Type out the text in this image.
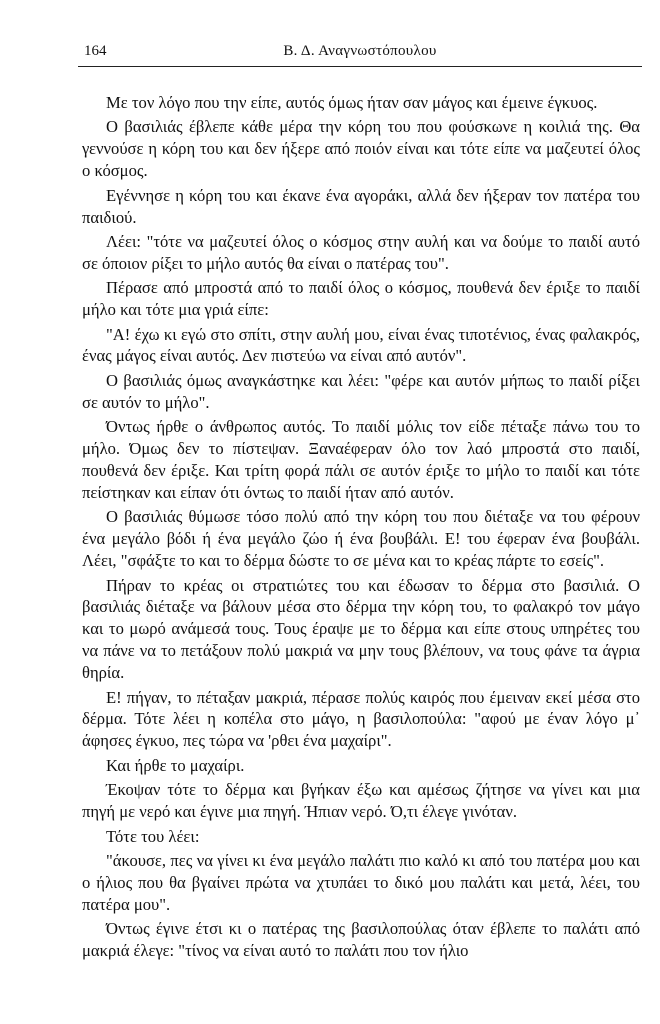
164	Β. Δ. Αναγνωστόπουλου

Με τον λόγο που την είπε, αυτός όμως ήταν σαν μάγος και έμεινε έγκυος.

Ο βασιλιάς έβλεπε κάθε μέρα την κόρη του που φούσκωνε η κοιλιά της. Θα γεννούσε η κόρη του και δεν ήξερε από ποιόν είναι και τότε είπε να μαζευτεί όλος ο κόσμος.

Εγέννησε η κόρη του και έκανε ένα αγοράκι, αλλά δεν ήξεραν τον πατέρα του παιδιού.

Λέει: "τότε να μαζευτεί όλος ο κόσμος στην αυλή και να δούμε το παιδί αυτό σε όποιον ρίξει το μήλο αυτός θα είναι ο πατέρας του".

Πέρασε από μπροστά από το παιδί όλος ο κόσμος, πουθενά δεν έριξε το παιδί μήλο και τότε μια γριά είπε:

"Α! έχω κι εγώ στο σπίτι, στην αυλή μου, είναι ένας τιποτένιος, ένας φαλακρός, ένας μάγος είναι αυτός. Δεν πιστεύω να είναι από αυτόν".

Ο βασιλιάς όμως αναγκάστηκε και λέει: "φέρε και αυτόν μήπως το παιδί ρίξει σε αυτόν το μήλο".

Όντως ήρθε ο άνθρωπος αυτός. Το παιδί μόλις τον είδε πέταξε πάνω του το μήλο. Όμως δεν το πίστεψαν. Ξαναέφεραν όλο τον λαό μπροστά στο παιδί, πουθενά δεν έριξε. Και τρίτη φορά πάλι σε αυτόν έριξε το μήλο το παιδί και τότε πείστηκαν και είπαν ότι όντως το παιδί ήταν από αυτόν.

Ο βασιλιάς θύμωσε τόσο πολύ από την κόρη του που διέταξε να του φέρουν ένα μεγάλο βόδι ή ένα μεγάλο ζώο ή ένα βουβάλι. Ε! του έφεραν ένα βουβάλι. Λέει, "σφάξτε το και το δέρμα δώστε το σε μένα και το κρέας πάρτε το εσείς".

Πήραν το κρέας οι στρατιώτες του και έδωσαν το δέρμα στο βασιλιά. Ο βασιλιάς διέταξε να βάλουν μέσα στο δέρμα την κόρη του, το φαλακρό τον μάγο και το μωρό ανάμεσά τους. Τους έραψε με το δέρμα και είπε στους υπηρέτες του να πάνε να το πετάξουν πολύ μακριά να μην τους βλέπουν, να τους φάνε τα άγρια θηρία.

Ε! πήγαν, το πέταξαν μακριά, πέρασε πολύς καιρός που έμειναν εκεί μέσα στο δέρμα. Τότε λέει η κοπέλα στο μάγο, η βασιλοπούλα: "αφού με έναν λόγο μ᾽ άφησες έγκυο, πες τώρα να 'ρθει ένα μαχαίρι".

Και ήρθε το μαχαίρι.

Έκοψαν τότε το δέρμα και βγήκαν έξω και αμέσως ζήτησε να γίνει και μια πηγή με νερό και έγινε μια πηγή. Ήπιαν νερό. Ό,τι έλεγε γινόταν.

Τότε του λέει:

"άκουσε, πες να γίνει κι ένα μεγάλο παλάτι πιο καλό κι από του πατέρα μου και ο ήλιος που θα βγαίνει πρώτα να χτυπάει το δικό μου παλάτι και μετά, λέει, του πατέρα μου".

Όντως έγινε έτσι κι ο πατέρας της βασιλοπούλας όταν έβλεπε το παλάτι από μακριά έλεγε: "τίνος να είναι αυτό το παλάτι που τον ήλιο
